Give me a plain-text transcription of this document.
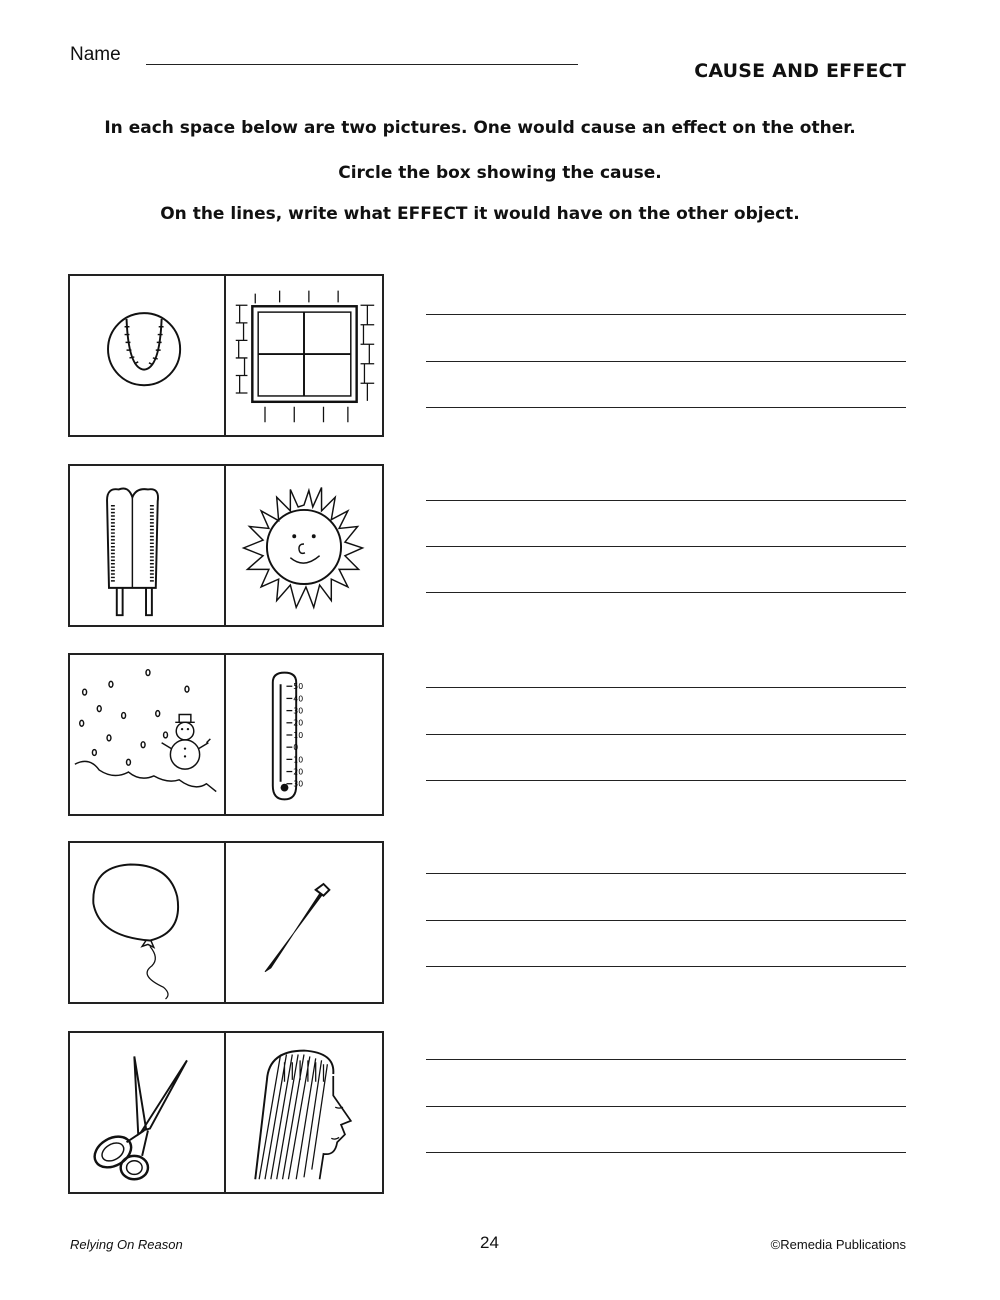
Name
CAUSE AND EFFECT
In each space below are two pictures. One would cause an effect on the other.
Circle the box showing the cause.
On the lines, write what EFFECT it would have on the other object.
50
40
30
20
10
0
10
20
30
Relying On Reason	24	©Remedia Publications
